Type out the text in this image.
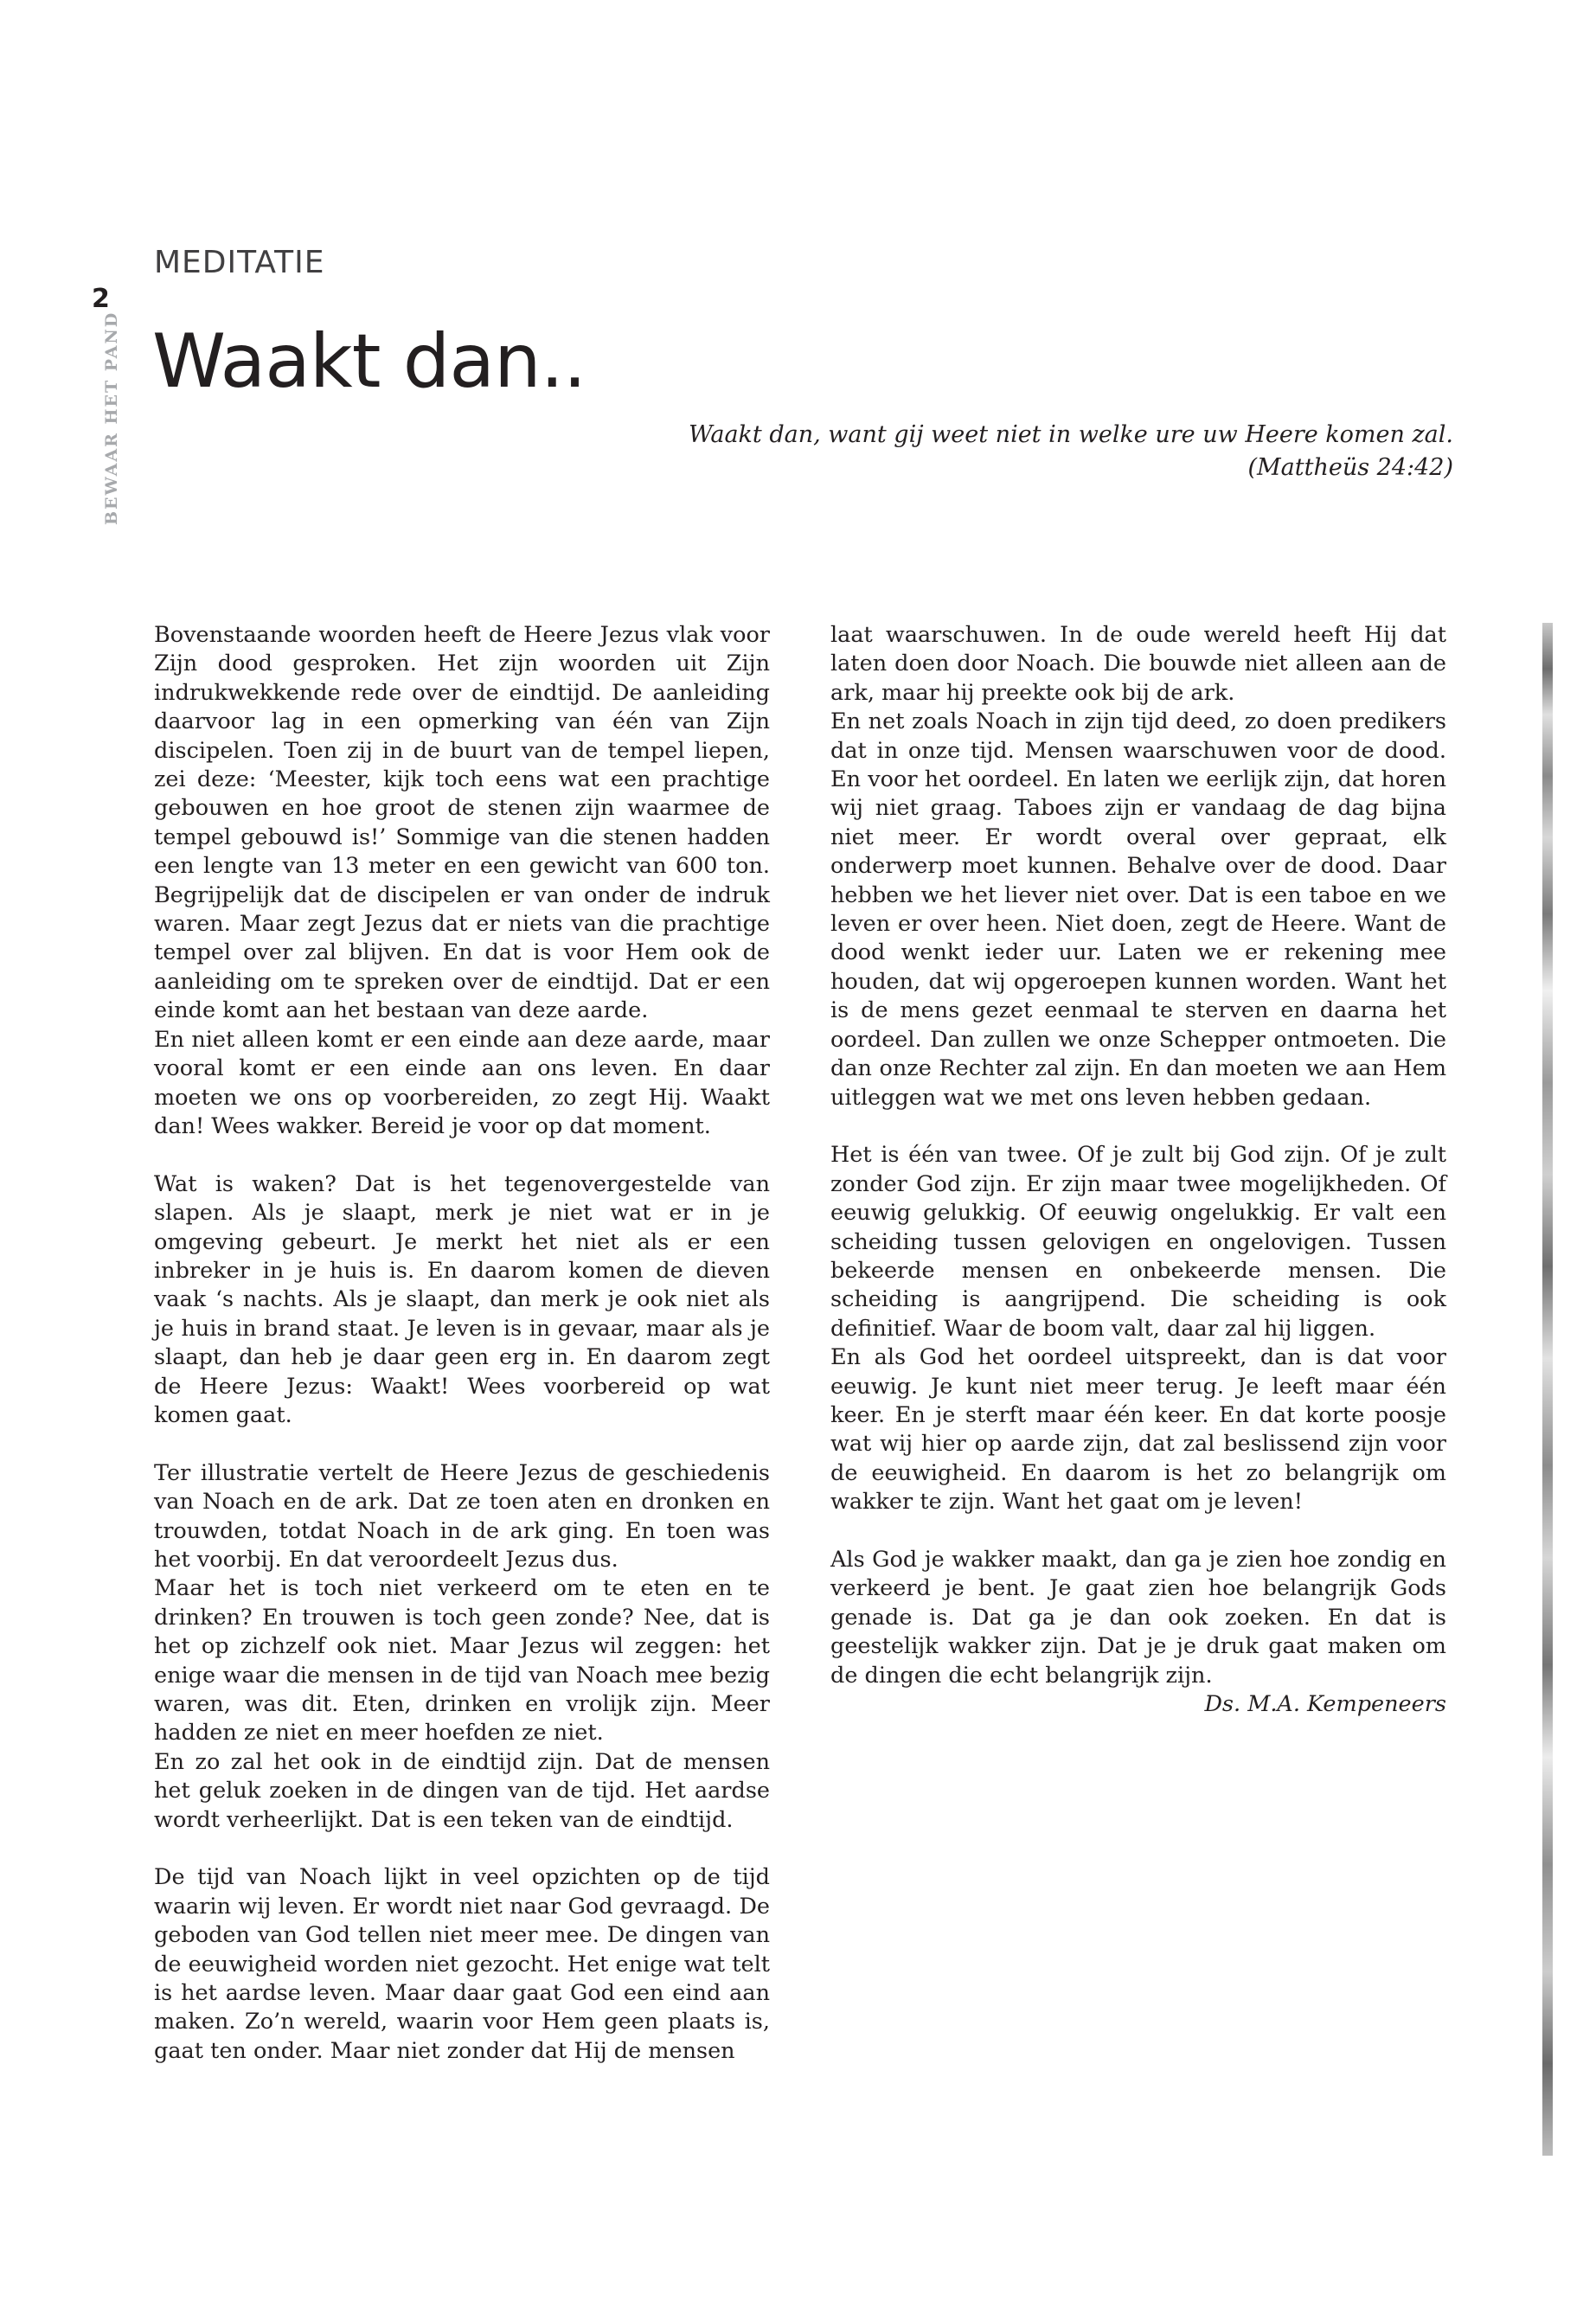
2
BEWAAR HET PAND
MEDITATIE
Waakt dan..
Waakt dan, want gij weet niet in welke ure uw Heere komen zal.
(Mattheüs 24:42)

Bovenstaande woorden heeft de Heere Jezus vlak voor Zijn dood gesproken. Het zijn woorden uit Zijn indrukwekkende rede over de eindtijd. De aanleiding daarvoor lag in een opmerking van één van Zijn discipelen. Toen zij in de buurt van de tempel liepen, zei deze: ‘Meester, kijk toch eens wat een prachtige gebouwen en hoe groot de stenen zijn waarmee de tempel gebouwd is!’ Sommige van die stenen hadden een lengte van 13 meter en een gewicht van 600 ton. Begrijpelijk dat de discipelen er van onder de indruk waren. Maar zegt Jezus dat er niets van die prachtige tempel over zal blijven. En dat is voor Hem ook de aanleiding om te spreken over de eindtijd. Dat er een einde komt aan het bestaan van deze aarde.

En niet alleen komt er een einde aan deze aarde, maar vooral komt er een einde aan ons leven. En daar moeten we ons op voorbereiden, zo zegt Hij. Waakt dan! Wees wakker. Bereid je voor op dat moment.

Wat is waken? Dat is het tegenovergestelde van slapen. Als je slaapt, merk je niet wat er in je omgeving gebeurt. Je merkt het niet als er een inbreker in je huis is. En daarom komen de dieven vaak ‘s nachts. Als je slaapt, dan merk je ook niet als je huis in brand staat. Je leven is in gevaar, maar als je slaapt, dan heb je daar geen erg in. En daarom zegt de Heere Jezus: Waakt! Wees voorbereid op wat komen gaat.

Ter illustratie vertelt de Heere Jezus de geschiedenis van Noach en de ark. Dat ze toen aten en dronken en trouwden, totdat Noach in de ark ging. En toen was het voorbij. En dat veroordeelt Jezus dus.

Maar het is toch niet verkeerd om te eten en te drinken? En trouwen is toch geen zonde? Nee, dat is het op zichzelf ook niet. Maar Jezus wil zeggen: het enige waar die mensen in de tijd van Noach mee bezig waren, was dit. Eten, drinken en vrolijk zijn. Meer hadden ze niet en meer hoefden ze niet.

En zo zal het ook in de eindtijd zijn. Dat de mensen het geluk zoeken in de dingen van de tijd. Het aardse wordt verheerlijkt. Dat is een teken van de eindtijd.

De tijd van Noach lijkt in veel opzichten op de tijd waarin wij leven. Er wordt niet naar God gevraagd. De geboden van God tellen niet meer mee. De dingen van de eeuwigheid worden niet gezocht. Het enige wat telt is het aardse leven. Maar daar gaat God een eind aan maken. Zo’n wereld, waarin voor Hem geen plaats is, gaat ten onder. Maar niet zonder dat Hij de mensen

laat waarschuwen. In de oude wereld heeft Hij dat laten doen door Noach. Die bouwde niet alleen aan de ark, maar hij preekte ook bij de ark.

En net zoals Noach in zijn tijd deed, zo doen predikers dat in onze tijd. Mensen waarschuwen voor de dood. En voor het oordeel. En laten we eerlijk zijn, dat horen wij niet graag. Taboes zijn er vandaag de dag bijna niet meer. Er wordt overal over gepraat, elk onderwerp moet kunnen. Behalve over de dood. Daar hebben we het liever niet over. Dat is een taboe en we leven er over heen. Niet doen, zegt de Heere. Want de dood wenkt ieder uur. Laten we er rekening mee houden, dat wij opgeroepen kunnen worden. Want het is de mens gezet eenmaal te sterven en daarna het oordeel. Dan zullen we onze Schepper ontmoeten. Die dan onze Rechter zal zijn. En dan moeten we aan Hem uitleggen wat we met ons leven hebben gedaan.

Het is één van twee. Of je zult bij God zijn. Of je zult zonder God zijn. Er zijn maar twee mogelijkheden. Of eeuwig gelukkig. Of eeuwig ongelukkig. Er valt een scheiding tussen gelovigen en ongelovigen. Tussen bekeerde mensen en onbekeerde mensen. Die scheiding is aangrijpend. Die scheiding is ook definitief. Waar de boom valt, daar zal hij liggen.

En als God het oordeel uitspreekt, dan is dat voor eeuwig. Je kunt niet meer terug. Je leeft maar één keer. En je sterft maar één keer. En dat korte poosje wat wij hier op aarde zijn, dat zal beslissend zijn voor de eeuwigheid. En daarom is het zo belangrijk om wakker te zijn. Want het gaat om je leven!

Als God je wakker maakt, dan ga je zien hoe zondig en verkeerd je bent. Je gaat zien hoe belangrijk Gods genade is. Dat ga je dan ook zoeken. En dat is geestelijk wakker zijn. Dat je je druk gaat maken om de dingen die echt belangrijk zijn.

Ds. M.A. Kempeneers
